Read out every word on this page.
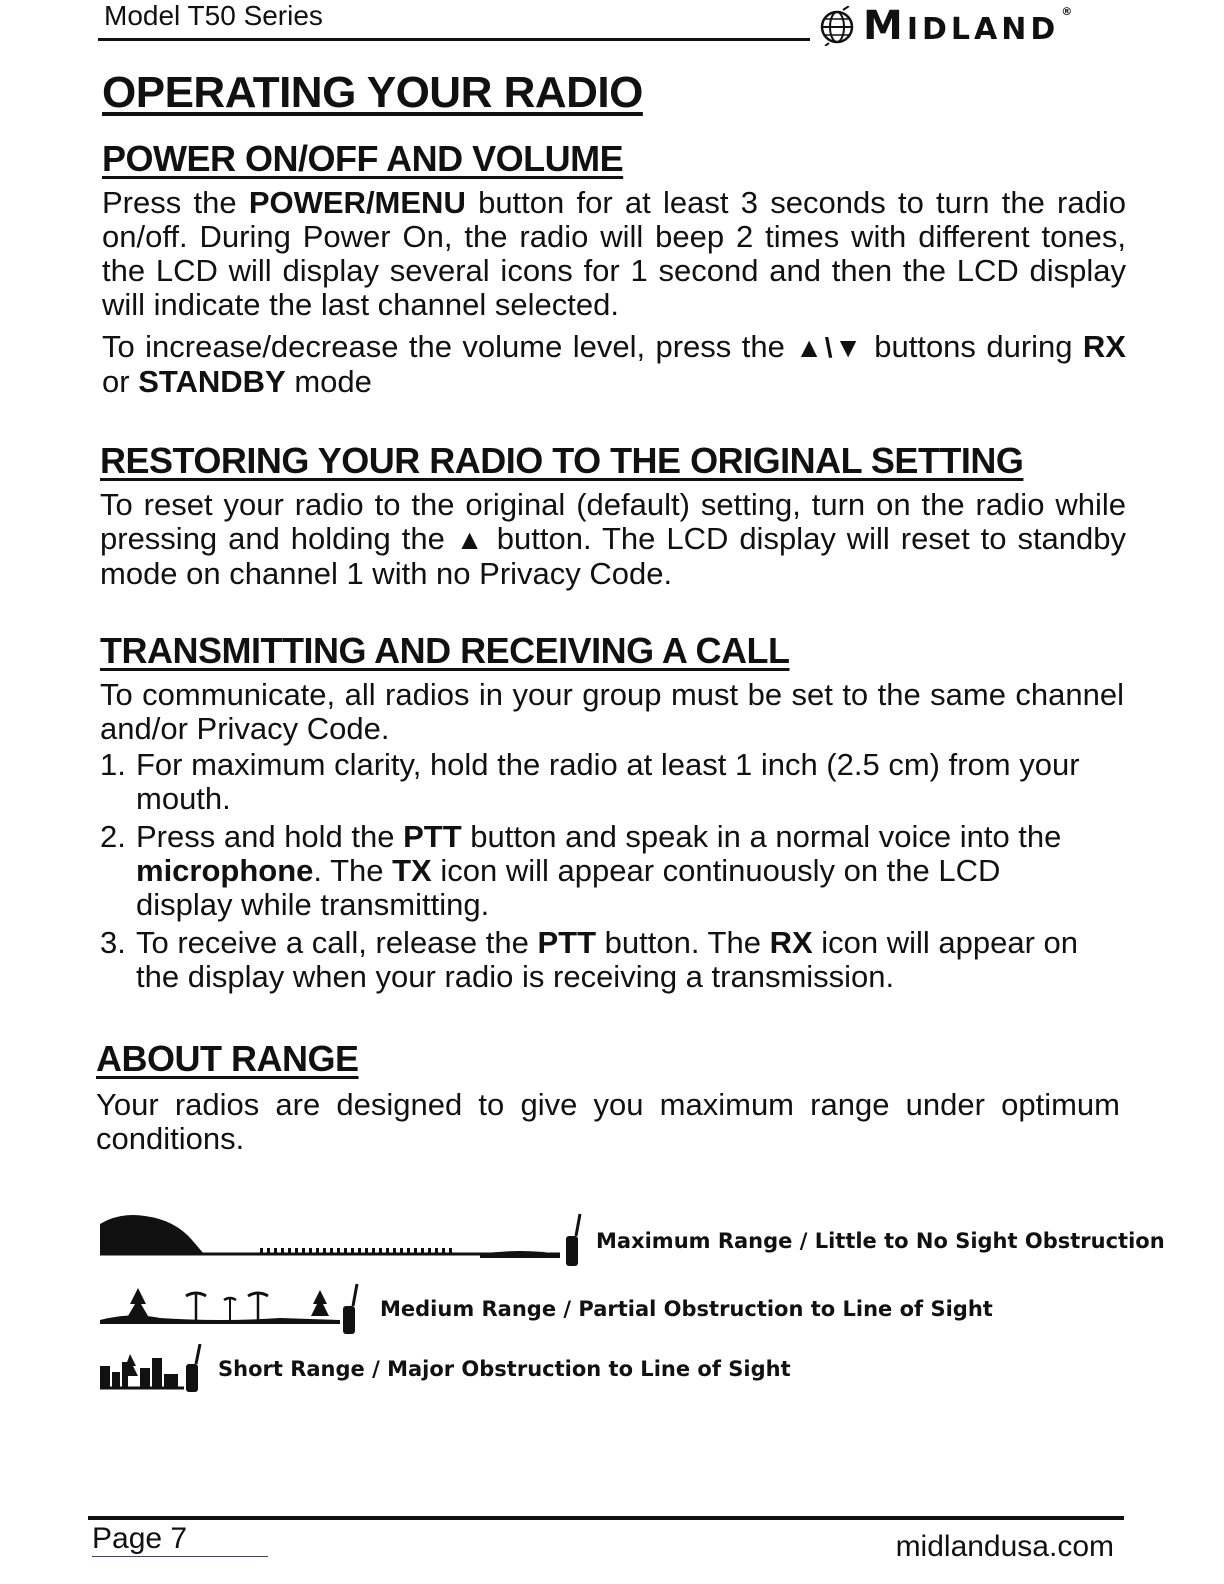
Model T50 Series	MIDLAND®
OPERATING YOUR RADIO
POWER ON/OFF AND VOLUME

Press the POWER/MENU button for at least 3 seconds to turn the radio on/off. During Power On, the radio will beep 2 times with different tones, the LCD will display several icons for 1 second and then the LCD display will indicate the last channel selected.

To increase/decrease the volume level, press the ▲\▼ buttons during RX or STANDBY mode

RESTORING YOUR RADIO TO THE ORIGINAL SETTING

To reset your radio to the original (default) setting, turn on the radio while pressing and holding the ▲ button. The LCD display will reset to standby mode on channel 1 with no Privacy Code.

TRANSMITTING AND RECEIVING A CALL

To communicate, all radios in your group must be set to the same channel and/or Privacy Code.

1. For maximum clarity, hold the radio at least 1 inch (2.5 cm) from your mouth.
2. Press and hold the PTT button and speak in a normal voice into the microphone. The TX icon will appear continuously on the LCD display while transmitting.
3. To receive a call, release the PTT button. The RX icon will appear on the display when your radio is receiving a transmission.
ABOUT RANGE

Your radios are designed to give you maximum range under optimum conditions.

Maximum Range / Little to No Sight Obstruction
Medium Range / Partial Obstruction to Line of Sight
Short Range / Major Obstruction to Line of Sight
Page 7	midlandusa.com
